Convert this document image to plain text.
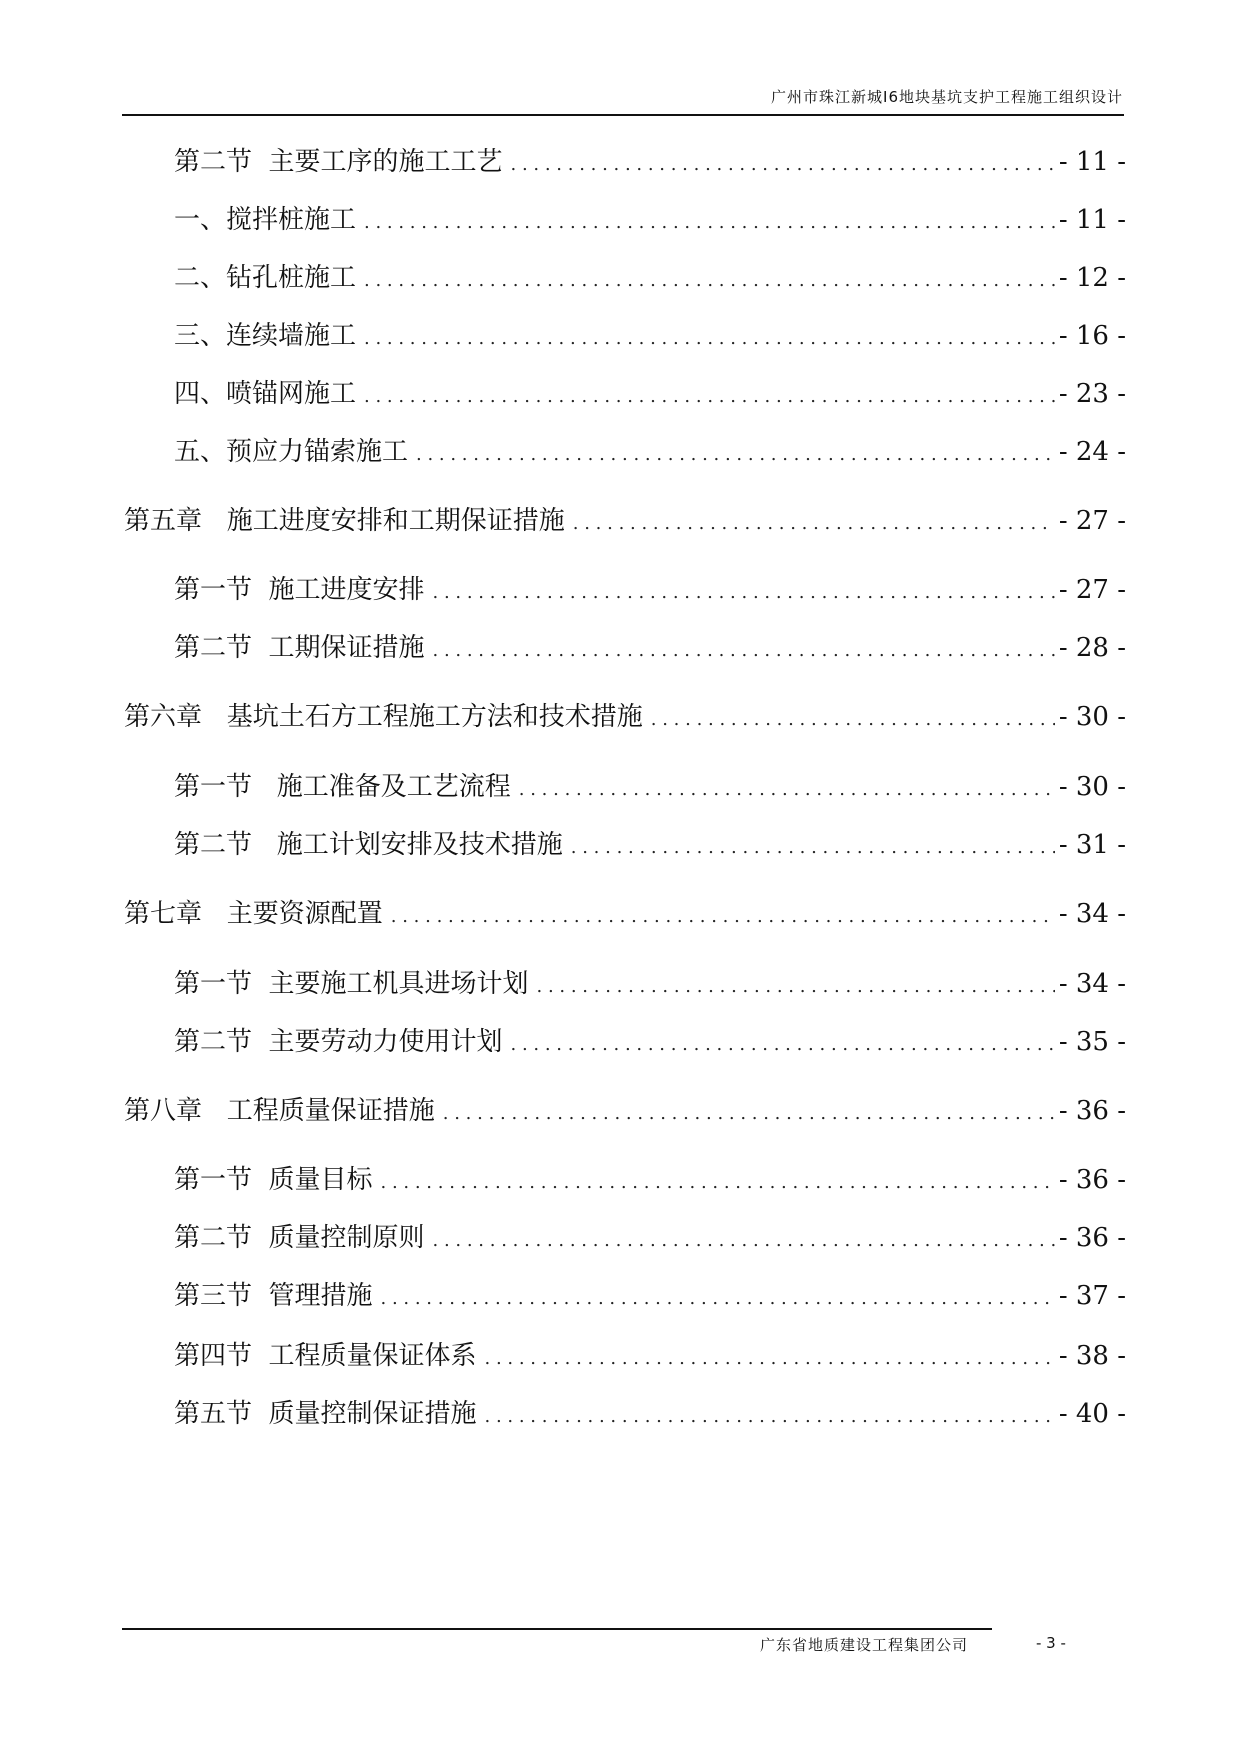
广州市珠江新城I6地块基坑支护工程施工组织设计
第二节  主要工序的施工工艺 . . .	- 11 -
一、搅拌桩施工 . . .	- 11 -
二、钻孔桩施工 . . .	- 12 -
三、连续墙施工 . . .	- 16 -
四、喷锚网施工 . . .	- 23 -
五、预应力锚索施工 . . .	- 24 -
第五章   施工进度安排和工期保证措施 . . .	- 27 -
第一节  施工进度安排 . . .	- 27 -
第二节  工期保证措施 . . .	- 28 -
第六章   基坑土石方工程施工方法和技术措施 . . .	- 30 -
第一节   施工准备及工艺流程 . . .	- 30 -
第二节   施工计划安排及技术措施 . . .	- 31 -
第七章   主要资源配置 . . .	- 34 -
第一节  主要施工机具进场计划 . . .	- 34 -
第二节  主要劳动力使用计划 . . .	- 35 -
第八章   工程质量保证措施 . . .	- 36 -
第一节  质量目标 . . .	- 36 -
第二节  质量控制原则 . . .	- 36 -
第三节  管理措施 . . .	- 37 -
第四节  工程质量保证体系 . . .	- 38 -
第五节  质量控制保证措施 . . .	- 40 -
广东省地质建设工程集团公司	- 3 -
